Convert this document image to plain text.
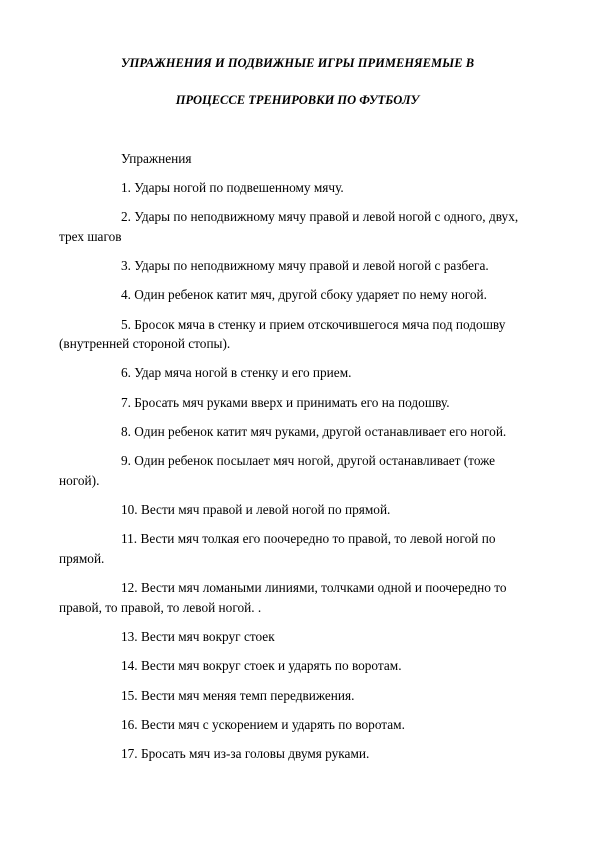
УПРАЖНЕНИЯ И ПОДВИЖНЫЕ ИГРЫ ПРИМЕНЯЕМЫЕ В
ПРОЦЕССЕ ТРЕНИРОВКИ ПО ФУТБОЛУ
Упражнения
1. Удары ногой по подвешенному мячу.
2. Удары по неподвижному мячу правой и левой ногой с одного, двух,
трех шагов
3. Удары по неподвижному мячу правой и левой ногой с разбега.
4. Один ребенок катит мяч, другой сбоку ударяет по нему ногой.
5. Бросок мяча в стенку и прием отскочившегося мяча под подошву
(внутренней стороной стопы).
6. Удар мяча ногой в стенку и его прием.
7. Бросать мяч руками вверх и принимать его на подошву.
8. Один ребенок катит мяч руками, другой останавливает его ногой.
9. Один ребенок посылает мяч ногой, другой останавливает (тоже
ногой).
10. Вести мяч правой и левой ногой по прямой.
11. Вести мяч толкая его поочередно то правой, то левой ногой по
прямой.
12. Вести мяч ломаными линиями, толчками одной и поочередно то
правой, то правой, то левой ногой. .
13. Вести мяч вокруг стоек
14. Вести мяч вокруг стоек и ударять по воротам.
15. Вести мяч меняя темп передвижения.
16. Вести мяч с ускорением и ударять по воротам.
17. Бросать мяч из-за головы двумя руками.
